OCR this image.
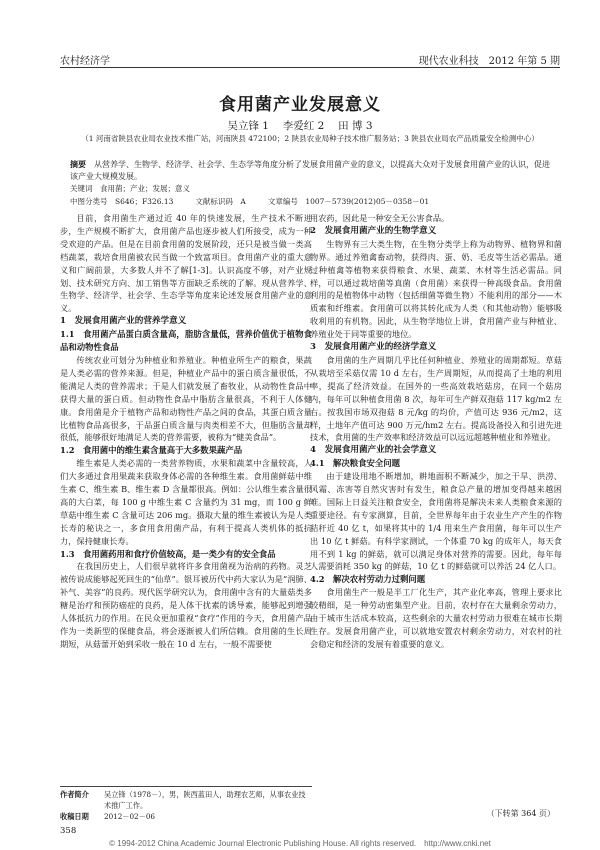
农村经济学	现代农业科技　2012 年第 5 期
食用菌产业发展意义
吴立锋 1　 李爱红 2　 田 博 3
（1 河南省陕县农业局农业技术推广站，河南陕县 472100；2 陕县农业局种子技术推广服务站；3 陕县农业局农产品质量安全检测中心）
摘要　 从营养学、生物学、经济学、社会学、生态学等角度分析了发展食用菌产业的意义，以提高大众对于发展食用菌产业的认识，促进该产业大规模发展。
关键词　食用菌；产业；发展；意义
中图分类号　S646；F326.13	文献标识码　A	文章编号　1007－5739(2012)05－0358－01

目前，食用菌生产通过近 40 年的快速发展，生产技术不断进步，生产规模不断扩大，食用菌产品也逐步被人们所接受，成为一种受欢迎的产品。但是在目前食用菌的发展阶段，还只是被当做一类高档蔬菜，栽培食用菌被农民当做一个致富项目。食用菌产业的重大意义和广阔前景，大多数人并不了解[1-3]。认识高度不够，对产业规划、技术研究方向、加工销售等方面缺乏系统的了解。现从营养学、生物学、经济学、社会学、生态学等角度来论述发展食用菌产业的意义。

1　发展食用菌产业的营养学意义
1.1　食用菌产品蛋白质含量高，脂肪含量低，营养价值优于植物食品和动物性食品

传统农业可划分为种植业和养殖业。种植业所生产的粮食，果蔬是人类必需的营养来源。但是，种植业产品中的蛋白质含量很低，不能满足人类的营养需求；于是人们就发展了畜牧业，从动物性食品中获得大量的蛋白质。但动物性食品中脂肪含量很高，不利于人体健康。食用菌是介于植物产品和动物性产品之间的食品，其蛋白质含量比植物食品高很多，于品蛋白质含量与肉类相差不大，但脂肪含量却很低，能够很好地满足人类的营养需要，被称为“健美食品”。

1.2　食用菌中的维生素含量高于大多数果蔬产品

维生素是人类必需的一类营养物质，水果和蔬菜中含量较高，人们大多通过食用果蔬来获取身体必需的各种维生素。食用菌鲜菇中维生素 C、维生素 B、维生素 D 含量都很高。例如：公认维生素含量很高的大白菜，每 100 g 中维生素 C 含量约为 31 mg，而 100 g 鲜草菇中维生素 C 含量可达 206 mg。摄取大量的维生素被认为是人类长寿的秘诀之一，多食用食用菌产品，有利于提高人类机体的抵抗力，保持健康长寿。

1.3　食用菌药用和食疗价值较高，是一类少有的安全食品

在我国历史上，人们很早就将许多食用菌视为治病的药物。灵芝被传说成能够起死回生的“仙草”。银耳被历代中药大家认为是“润肺、补气、美容”的良药。现代医学研究认为，食用菌中含有的大量菇类多糖是治疗和预防癌症的良药，是人体干扰素的诱导素，能够起到增强人体抵抗力的作用。在民众更加重视“食疗”作用的今天，食用菌产品作为一类新型的保健食品，将会逐渐被人们所信赖。食用菌的生长周期短，从菇蕾开始到采收一般在 10 d 左右，一般不需要使

用农药，因此是一种安全无公害食品。

2　发展食用菌产业的生物学意义

生物界有三大类生物，在生物分类学上称为动物界、植物界和菌物界。通过养殖禽畜动物，获得肉、蛋、奶、毛皮等生活必需品。通过种植禽等植物来获得粮食、水果、蔬菜、木材等生活必需品。同样，可以通过栽培菌等真菌（食用菌）来获得一种高级食品。食用菌利用的是植物体中动物（包括细菌等微生物）不能利用的部分——木质素和纤维素。食用菌可以将其转化成为人类（和其他动物）能够吸收利用的有机物。因此，从生物学地位上讲，食用菌产业与种植业、养殖业处于同等重要的地位。

3　发展食用菌产业的经济学意义

食用菌的生产周期几乎比任何种植业、养殖业的周期都短。草菇从栽培至采菇仅需 10 d 左右，生产周期短，从而提高了土地的利用率，提高了经济效益。在国外的一些高效栽培菇房，在同一个菇房内，每年可以种植食用菌 8 次，每年可生产鲜双孢菇 117 kg/m2 左右。按我国市场双孢菇 8 元/kg 的均价，产值可达 936 元/m2，这样，土地年产值可达 900 万元/hm2 左右。提高设备投入和引进先进技术，食用菌的生产效率和经济效益可以远远超越种植业和养殖业。

4　发展食用菌产业的社会学意义
4.1　解决粮食安全问题

由于建设用地不断增加，耕地面积不断减少，加之干旱、洪涝、风霜、冻害等自然灾害时有发生，粮食总产量的增加变得越来越困难。国际上日益关注粮食安全，食用菌将是解决未来人类粮食来源的重要途径。有专家测算，目前，全世界每年由于农业生产产生的作物秸秆近 40 亿 t，如果将其中的 1/4 用来生产食用菌，每年可以生产出 10 亿 t 鲜菇。有科学家测试，一个体重 70 kg 的成年人，每天食用不到 1 kg 的鲜菇，就可以满足身体对营养的需要。因此，每年每人需要消耗 350 kg 的鲜菇，10 亿 t 的鲜菇就可以养活 24 亿人口。

4.2　解决农村劳动力过剩问题

食用菌生产一般是半工厂化生产，其产业化率高，管理上要求比较精细，是一种劳动密集型产业。目前，农村存在大量剩余劳动力，由于城市生活成本较高，这些剩余的大量农村劳动力很难在城市长期生存。发展食用菌产业，可以就地安置农村剩余劳动力，对农村的社会稳定和经济的发展有着重要的意义。

作者简介	吴立锋（1978－），男，陕西蓝田人，助理农艺师，从事农业技术推广工作。
收稿日期	2012－02－06	（下转第 364 页）
358
© 1994-2012 China Academic Journal Electronic Publishing House. All rights reserved.　http://www.cnki.net
